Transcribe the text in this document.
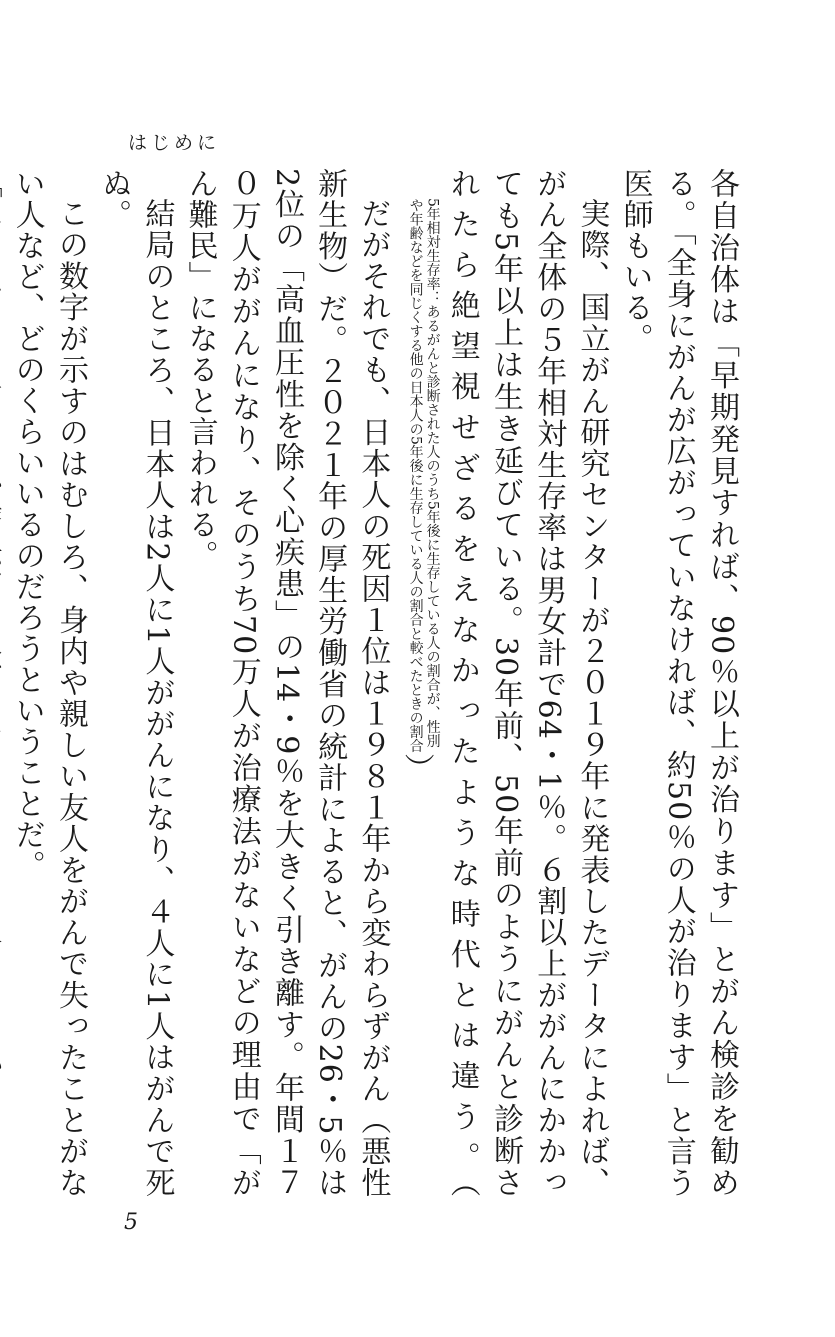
はじめに

各自治体は「早期発見すれば、90％以上が治ります」とがん検診を勧める。「全身にがんが広がっていなければ、約50％の人が治ります」と言う医師もいる。

実際、国立がん研究センターが２０１９年に発表したデータによれば、がん全体の５年相対生存率は男女計で64・1％。６割以上ががんにかかっても5年以上は生き延びている。30年前、50年前のようにがんと診断されたら絶望視せざるをえなかったような時代とは違う。（
5年相対生存率：あるがんと診断された人のうち5年後に生存している人の割合が、性別
や年齢などを同じくする他の日本人の5年後に生存している人の割合と較べたときの割合
）

だがそれでも、日本人の死因１位は１９８１年から変わらずがん（悪性新生物）だ。２０２１年の厚生労働省の統計によると、がんの26・5％は2位の「高血圧性を除く心疾患」の14・9％を大きく引き離す。年間１７０万人ががんになり、そのうち70万人が治療法がないなどの理由で「がん難民」になると言われる。

結局のところ、日本人は2人に1人ががんになり、４人に1人はがんで死ぬ。

この数字が示すのはむしろ、身内や親しい友人をがんで失ったことがない人など、どのくらいいるのだろうということだ。

5
